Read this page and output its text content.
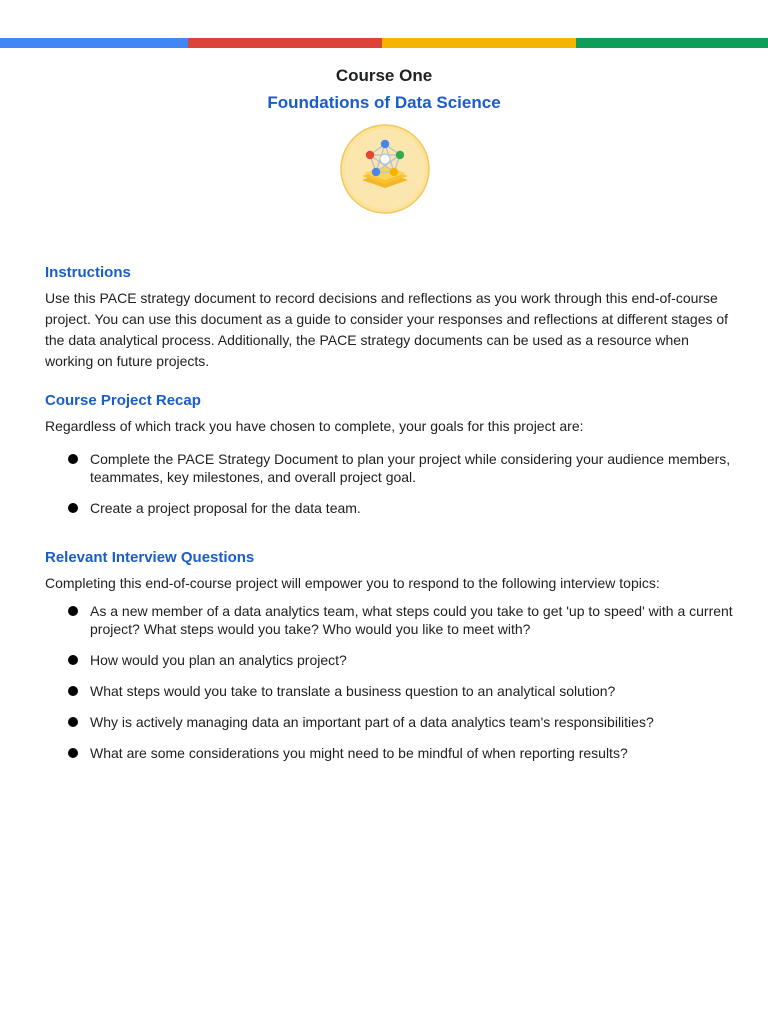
Course One
Foundations of Data Science
Instructions

Use this PACE strategy document to record decisions and reflections as you work through this end-of-course project. You can use this document as a guide to consider your responses and reflections at different stages of the data analytical process. Additionally, the PACE strategy documents can be used as a resource when working on future projects.

Course Project Recap

Regardless of which track you have chosen to complete, your goals for this project are:

Complete the PACE Strategy Document to plan your project while considering your audience members, teammates, key milestones, and overall project goal.
Create a project proposal for the data team.
Relevant Interview Questions

Completing this end-of-course project will empower you to respond to the following interview topics:

As a new member of a data analytics team, what steps could you take to get 'up to speed' with a current project? What steps would you take? Who would you like to meet with?
How would you plan an analytics project?
What steps would you take to translate a business question to an analytical solution?
Why is actively managing data an important part of a data analytics team's responsibilities?
What are some considerations you might need to be mindful of when reporting results?
